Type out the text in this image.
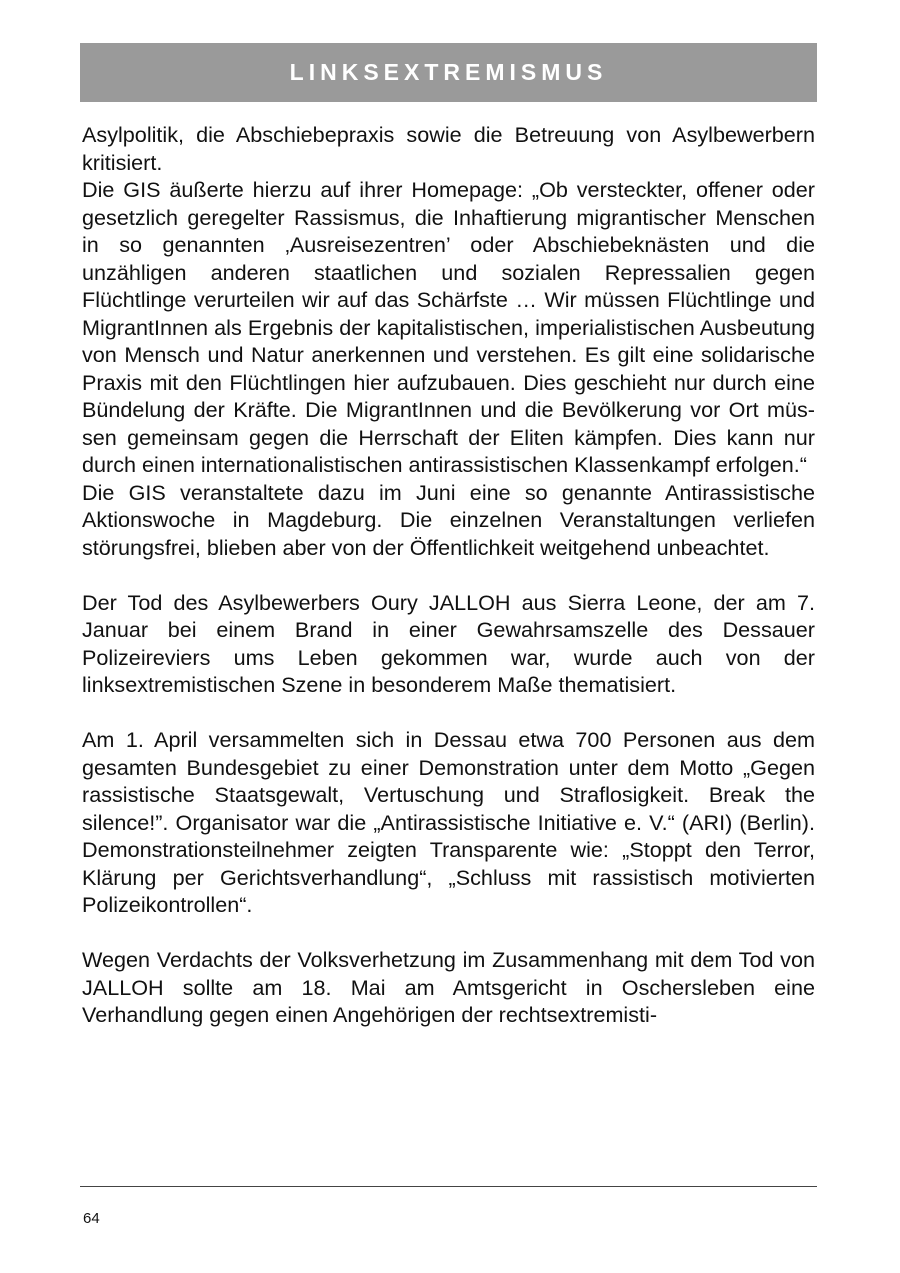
LINKSEXTREMISMUS

Asylpolitik, die Abschiebepraxis sowie die Betreuung von Asylbewerbern kritisiert.

Die GIS äußerte hierzu auf ihrer Homepage: „Ob versteckter, offener oder gesetzlich geregelter Rassismus, die Inhaftierung migrantischer Menschen in so genannten ‚Ausreisezentren’ oder Abschiebeknästen und die unzähligen anderen staatlichen und sozialen Repressalien gegen Flüchtlinge verurteilen wir auf das Schärfste … Wir müssen Flüchtlinge und MigrantInnen als Ergebnis der kapitalistischen, imperialistischen Ausbeutung von Mensch und Natur anerkennen und verstehen. Es gilt eine solidarische Praxis mit den Flüchtlingen hier aufzubauen. Dies geschieht nur durch eine Bündelung der Kräfte. Die MigrantInnen und die Bevölkerung vor Ort müssen gemeinsam gegen die Herrschaft der Eliten kämpfen. Dies kann nur durch einen internationalistischen antirassistischen Klassenkampf erfolgen.“

Die GIS veranstaltete dazu im Juni eine so genannte Antirassistische Aktionswoche in Magdeburg. Die einzelnen Veranstaltungen verliefen störungsfrei, blieben aber von der Öffentlichkeit weitgehend unbeachtet.

Der Tod des Asylbewerbers Oury JALLOH aus Sierra Leone, der am 7. Januar bei einem Brand in einer Gewahrsamszelle des Dessauer Polizeireviers ums Leben gekommen war, wurde auch von der linksextremistischen Szene in besonderem Maße thematisiert.

Am 1. April versammelten sich in Dessau etwa 700 Personen aus dem gesamten Bundesgebiet zu einer Demonstration unter dem Motto „Gegen rassistische Staatsgewalt, Vertuschung und Straflosigkeit. Break the silence!”. Organisator war die „Antirassistische Initiative e. V.“ (ARI) (Berlin). Demonstrationsteilnehmer zeigten Transparente wie: „Stoppt den Terror, Klärung per Gerichtsverhandlung“, „Schluss mit rassistisch motivierten Polizeikontrollen“.

Wegen Verdachts der Volksverhetzung im Zusammenhang mit dem Tod von JALLOH sollte am 18. Mai am Amtsgericht in Oschersleben eine Verhandlung gegen einen Angehörigen der rechtsextremisti-

64
